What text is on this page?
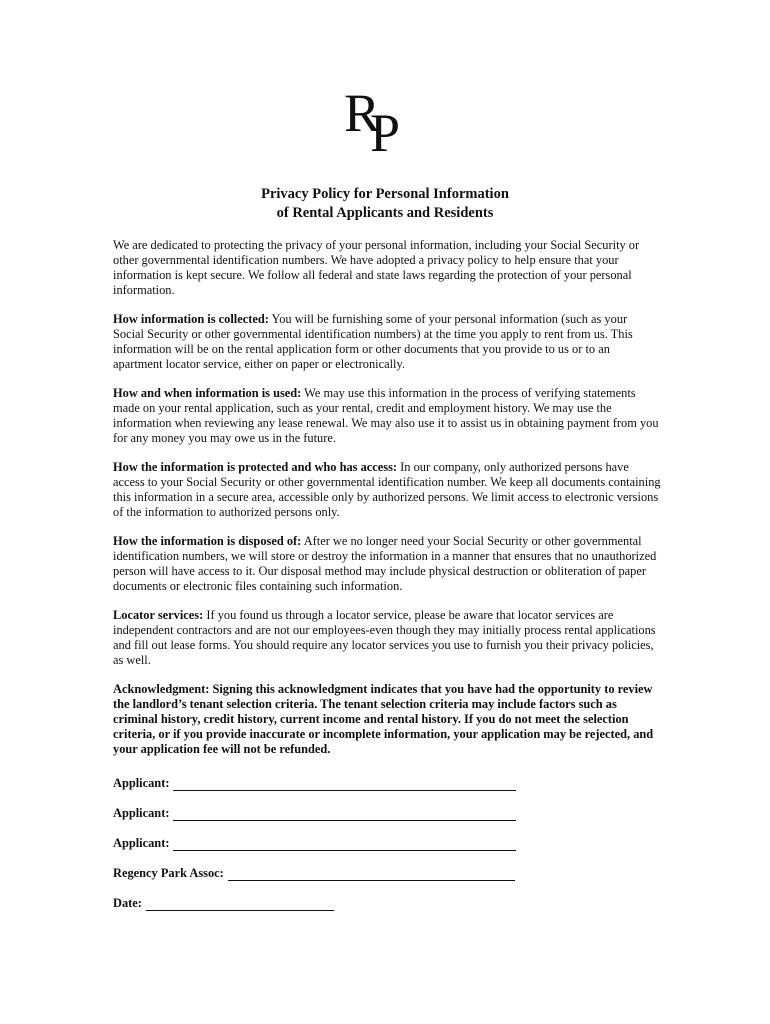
R
P
Privacy Policy for Personal Information
of Rental Applicants and Residents

We are dedicated to protecting the privacy of your personal information, including your Social Security or other governmental identification numbers. We have adopted a privacy policy to help ensure that your information is kept secure. We follow all federal and state laws regarding the protection of your personal information.

How information is collected: You will be furnishing some of your personal information (such as your Social Security or other governmental identification numbers) at the time you apply to rent from us. This information will be on the rental application form or other documents that you provide to us or to an apartment locator service, either on paper or electronically.

How and when information is used: We may use this information in the process of verifying statements made on your rental application, such as your rental, credit and employment history. We may use the information when reviewing any lease renewal. We may also use it to assist us in obtaining payment from you for any money you may owe us in the future.

How the information is protected and who has access: In our company, only authorized persons have access to your Social Security or other governmental identification number. We keep all documents containing this information in a secure area, accessible only by authorized persons. We limit access to electronic versions of the information to authorized persons only.

How the information is disposed of: After we no longer need your Social Security or other governmental identification numbers, we will store or destroy the information in a manner that ensures that no unauthorized person will have access to it. Our disposal method may include physical destruction or obliteration of paper documents or electronic files containing such information.

Locator services: If you found us through a locator service, please be aware that locator services are independent contractors and are not our employees-even though they may initially process rental applications and fill out lease forms. You should require any locator services you use to furnish you their privacy policies, as well.

Acknowledgment: Signing this acknowledgment indicates that you have had the opportunity to review the landlord’s tenant selection criteria. The tenant selection criteria may include factors such as criminal history, credit history, current income and rental history. If you do not meet the selection criteria, or if you provide inaccurate or incomplete information, your application may be rejected, and your application fee will not be refunded.

Applicant:
Applicant:
Applicant:
Regency Park Assoc:
Date:
